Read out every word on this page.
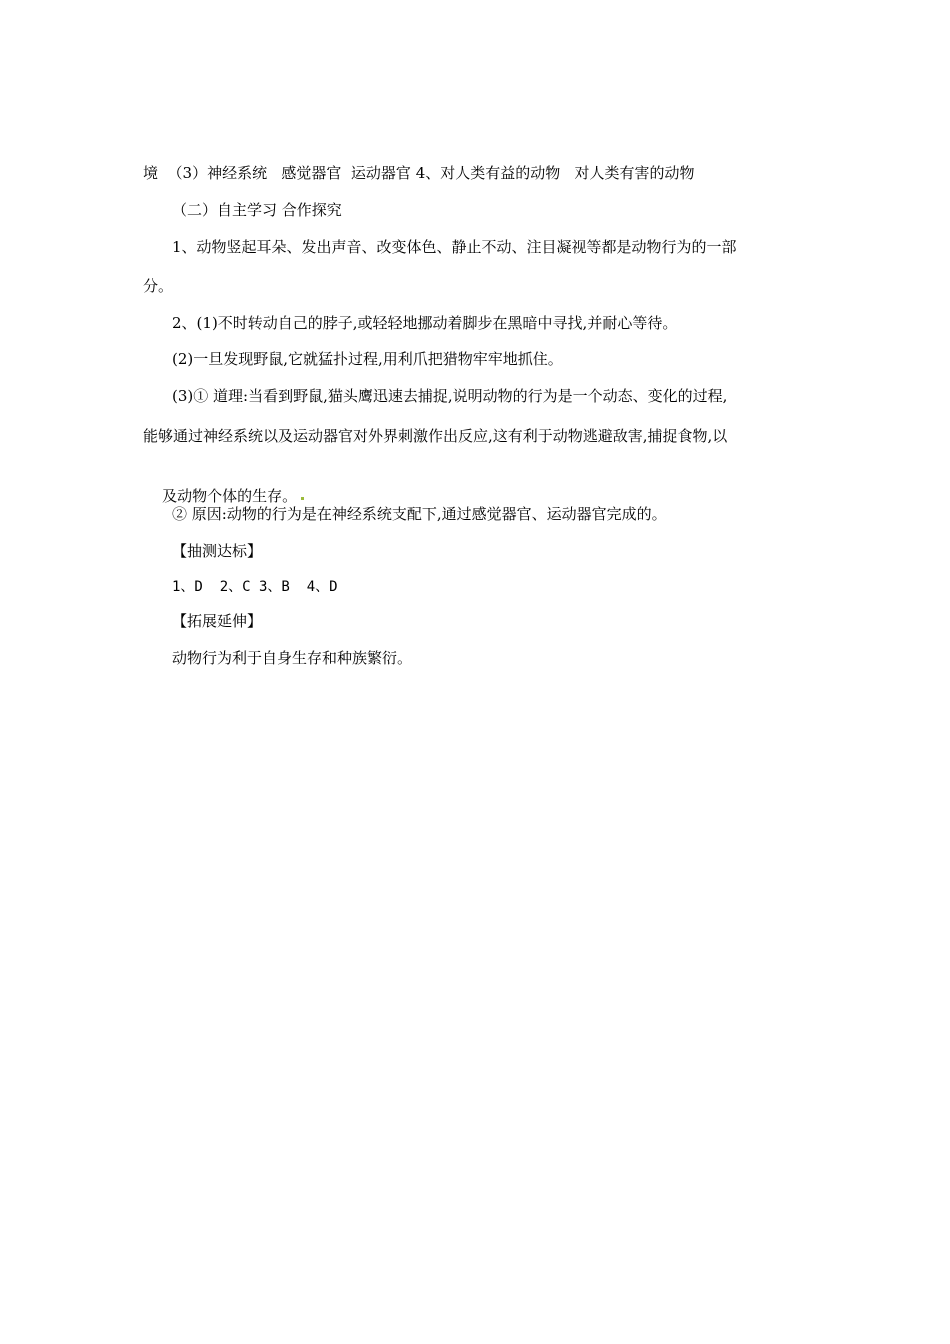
境  （3）神经系统   感觉器官  运动器官 4、对人类有益的动物   对人类有害的动物

（二）自主学习 合作探究

1、动物竖起耳朵、发出声音、改变体色、静止不动、注目凝视等都是动物行为的一部

分。

2、(1)不时转动自己的脖子,或轻轻地挪动着脚步在黑暗中寻找,并耐心等待。

(2)一旦发现野鼠,它就猛扑过程,用利爪把猎物牢牢地抓住。

(3)① 道理:当看到野鼠,猫头鹰迅速去捕捉,说明动物的行为是一个动态、变化的过程,

能够通过神经系统以及运动器官对外界刺激作出反应,这有利于动物逃避敌害,捕捉食物,以

及动物个体的生存。

② 原因:动物的行为是在神经系统支配下,通过感觉器官、运动器官完成的。

【抽测达标】

1、D  2、C 3、B  4、D

【拓展延伸】

动物行为利于自身生存和种族繁衍。
